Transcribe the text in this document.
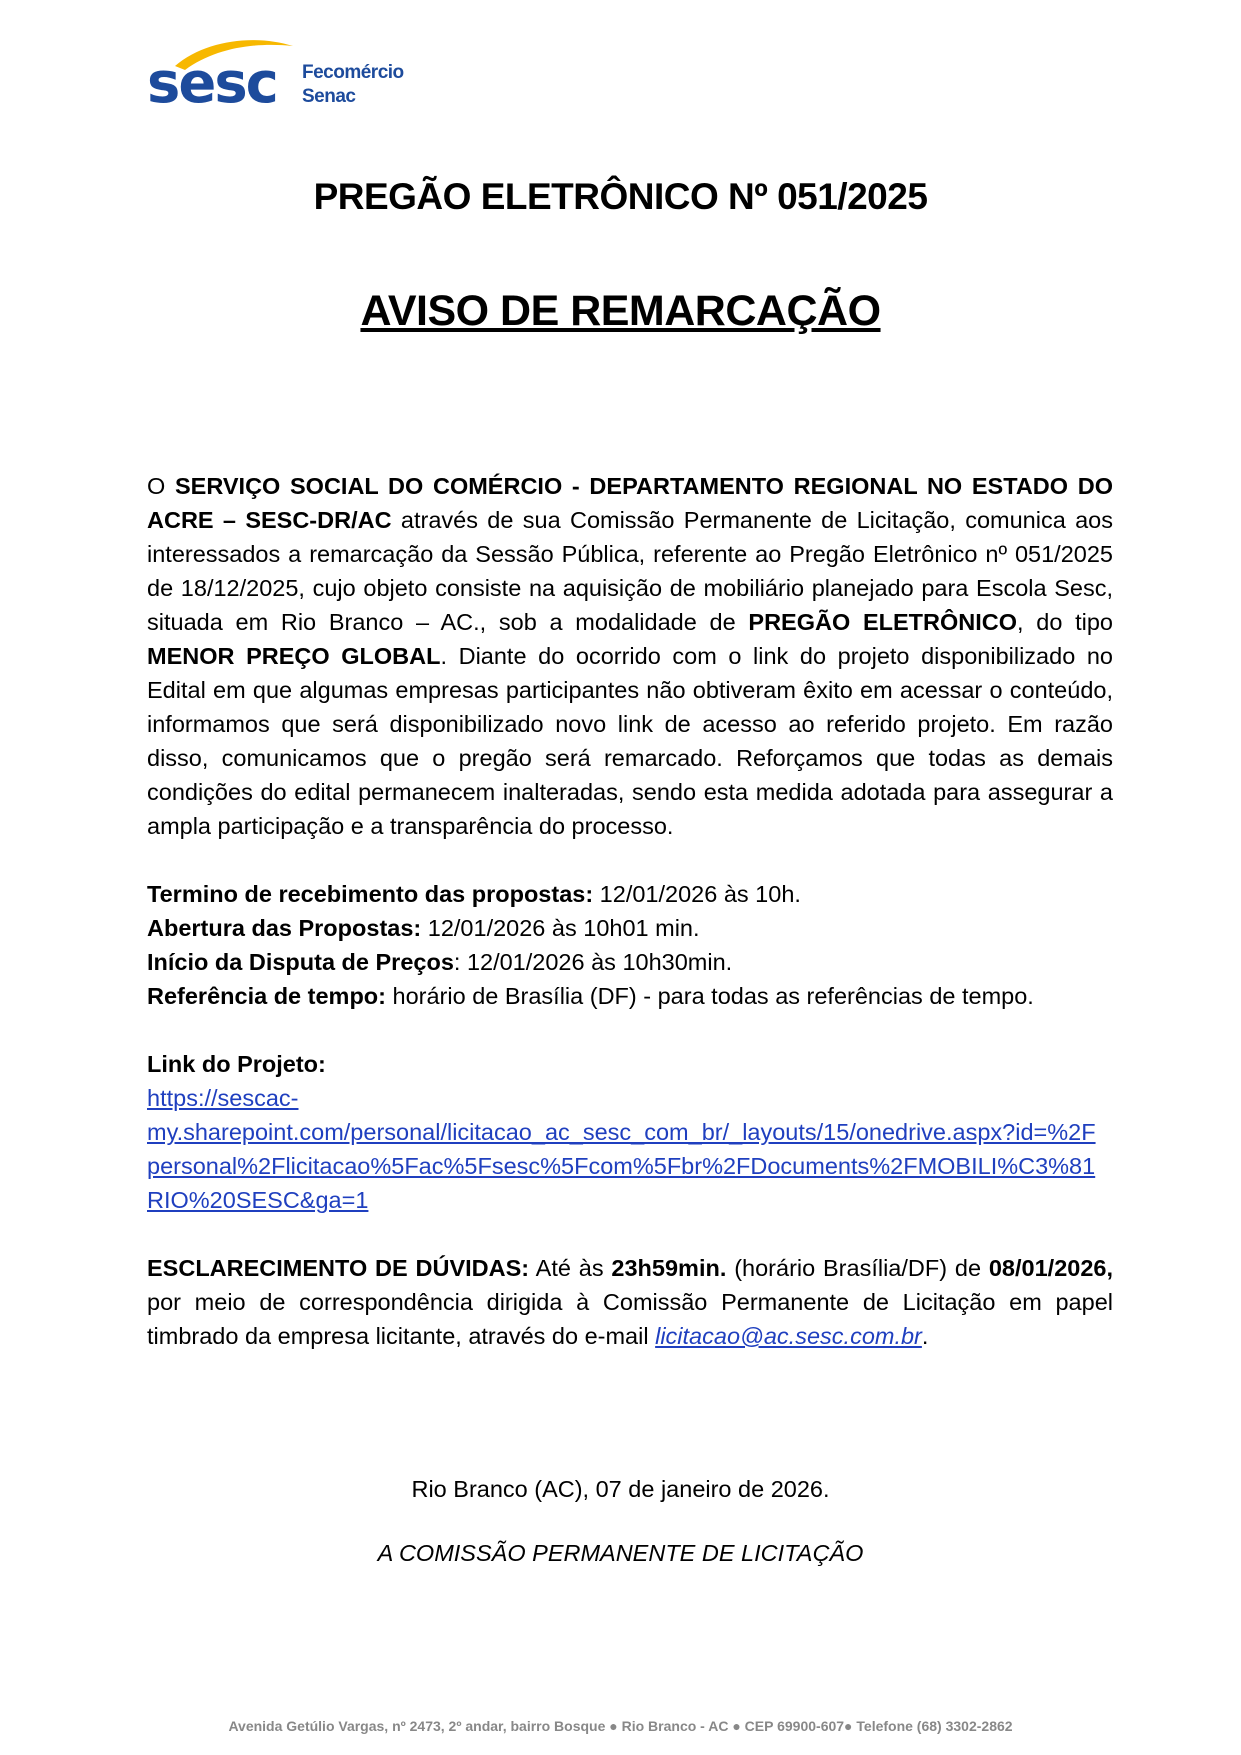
sesc Fecomércio
Senac
PREGÃO ELETRÔNICO Nº 051/2025
AVISO DE REMARCAÇÃO

O SERVIÇO SOCIAL DO COMÉRCIO - DEPARTAMENTO REGIONAL NO ESTADO DO ACRE – SESC-DR/AC através de sua Comissão Permanente de Licitação, comunica aos interessados a remarcação da Sessão Pública, referente ao Pregão Eletrônico nº 051/2025 de 18/12/2025, cujo objeto consiste na aquisição de mobiliário planejado para Escola Sesc, situada em Rio Branco – AC., sob a modalidade de PREGÃO ELETRÔNICO, do tipo MENOR PREÇO GLOBAL. Diante do ocorrido com o link do projeto disponibilizado no Edital em que algumas empresas participantes não obtiveram êxito em acessar o conteúdo, informamos que será disponibilizado novo link de acesso ao referido projeto. Em razão disso, comunicamos que o pregão será remarcado. Reforçamos que todas as demais condições do edital permanecem inalteradas, sendo esta medida adotada para assegurar a ampla participação e a transparência do processo.

Termino de recebimento das propostas: 12/01/2026 às 10h.

Abertura das Propostas: 12/01/2026 às 10h01 min.

Início da Disputa de Preços: 12/01/2026 às 10h30min.

Referência de tempo: horário de Brasília (DF) - para todas as referências de tempo.

Link do Projeto:

https://sescac-
my.sharepoint.com/personal/licitacao_ac_sesc_com_br/_layouts/15/onedrive.aspx?id=%2F
personal%2Flicitacao%5Fac%5Fsesc%5Fcom%5Fbr%2FDocuments%2FMOBILI%C3%81
RIO%20SESC&ga=1

ESCLARECIMENTO DE DÚVIDAS: Até às 23h59min. (horário Brasília/DF) de 08/01/2026, por meio de correspondência dirigida à Comissão Permanente de Licitação em papel timbrado da empresa licitante, através do e-mail licitacao@ac.sesc.com.br.

Rio Branco (AC), 07 de janeiro de 2026.
A COMISSÃO PERMANENTE DE LICITAÇÃO
Avenida Getúlio Vargas, nº 2473, 2º andar, bairro Bosque ● Rio Branco - AC ● CEP 69900-607● Telefone (68) 3302-2862
